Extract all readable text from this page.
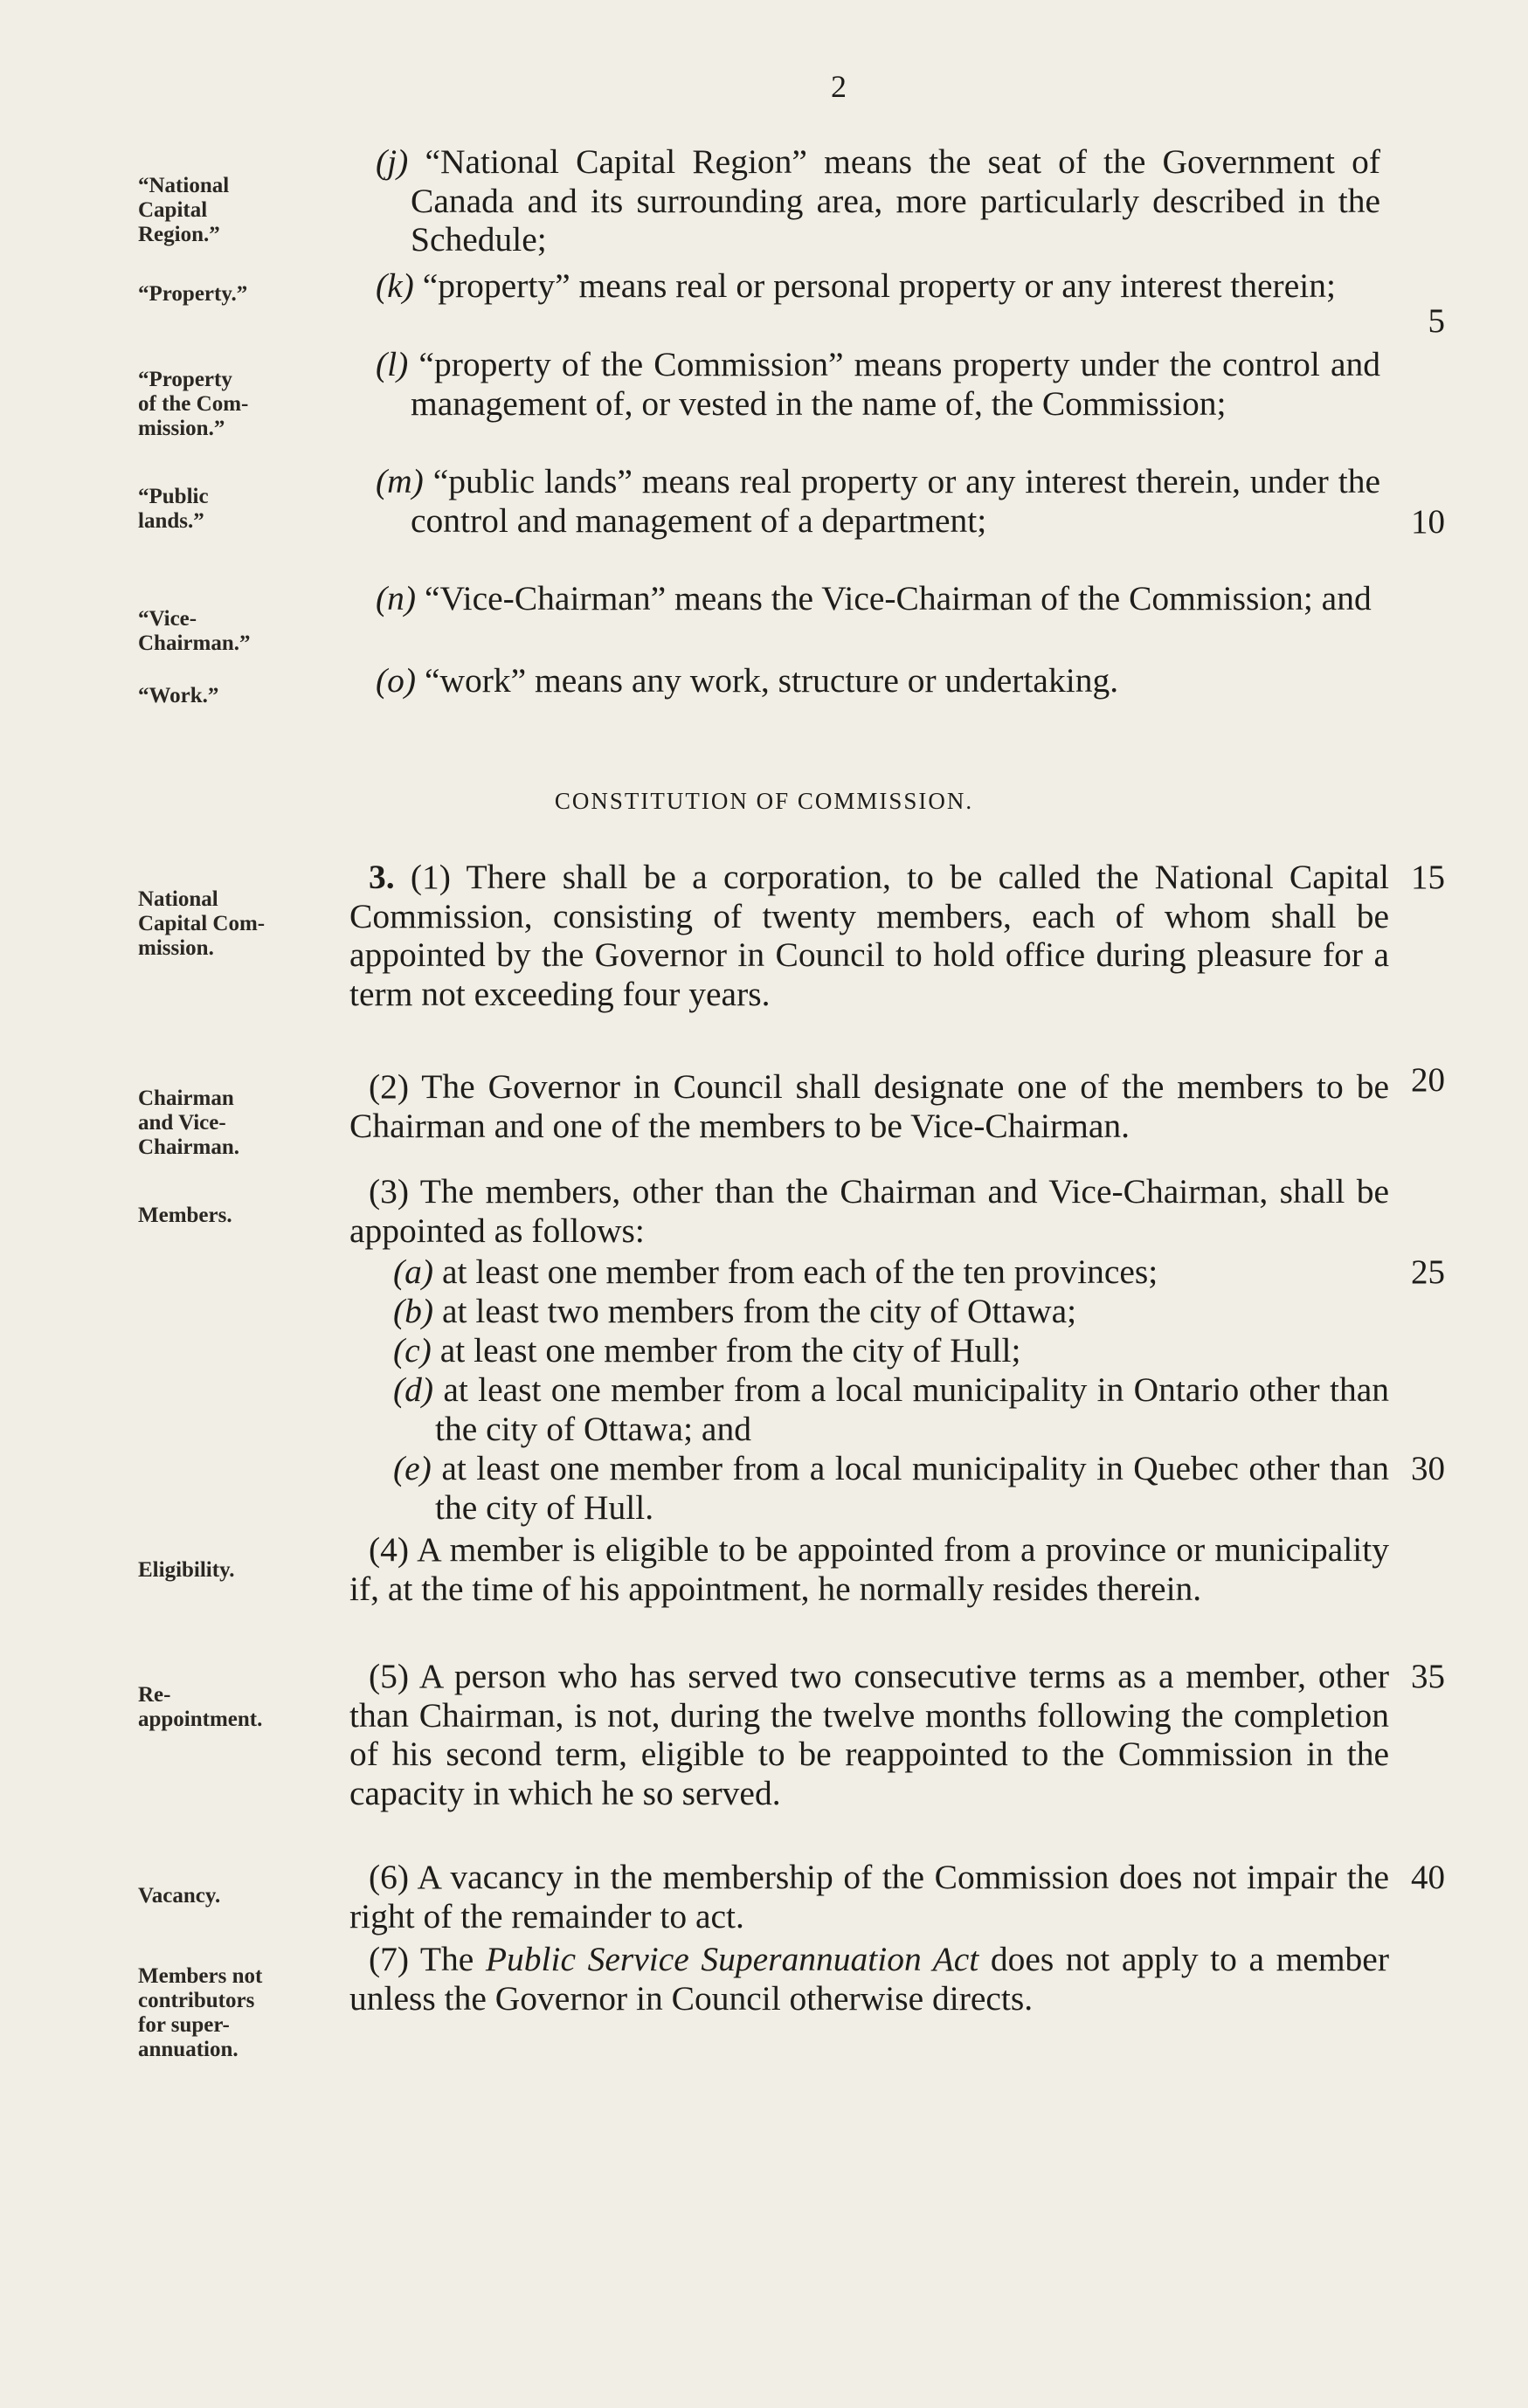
2
“National
Capital
Region.”

(j) “National Capital Region” means the seat of the Government of Canada and its surrounding area, more particularly described in the Schedule;

“Property.”	(k) “property” means real or personal property or any interest therein;

“Property
of the Com-
mission.”

(l) “property of the Commission” means property under the control and management of, or vested in the name of, the Commission;

“Public
lands.”

(m) “public lands” means real property or any interest therein, under the control and management of a department;

“Vice-
Chairman.”

(n) “Vice-Chairman” means the Vice-Chairman of the Commission; and

“Work.”	(o) “work” means any work, structure or undertaking.

CONSTITUTION OF COMMISSION.
National
Capital Com-
mission.

3. (1) There shall be a corporation, to be called the National Capital Commission, consisting of twenty members, each of whom shall be appointed by the Governor in Council to hold office during pleasure for a term not exceeding four years.

Chairman
and Vice-
Chairman.

(2) The Governor in Council shall designate one of the members to be Chairman and one of the members to be Vice-Chairman.

Members.

(3) The members, other than the Chairman and Vice-Chairman, shall be appointed as follows:

(a) at least one member from each of the ten provinces;

(b) at least two members from the city of Ottawa;

(c) at least one member from the city of Hull;

(d) at least one member from a local municipality in Ontario other than the city of Ottawa; and

(e) at least one member from a local municipality in Quebec other than the city of Hull.

Eligibility.

(4) A member is eligible to be appointed from a province or municipality if, at the time of his appointment, he normally resides therein.

Re-
appointment.

(5) A person who has served two consecutive terms as a member, other than Chairman, is not, during the twelve months following the completion of his second term, eligible to be reappointed to the Commission in the capacity in which he so served.

Vacancy.	(6) A vacancy in the membership of the Commission does not impair the right of the remainder to act.

Members not
contributors
for super-
annuation.

(7) The Public Service Superannuation Act does not apply to a member unless the Governor in Council otherwise directs.

5
10
15
20
25
30
35
40
